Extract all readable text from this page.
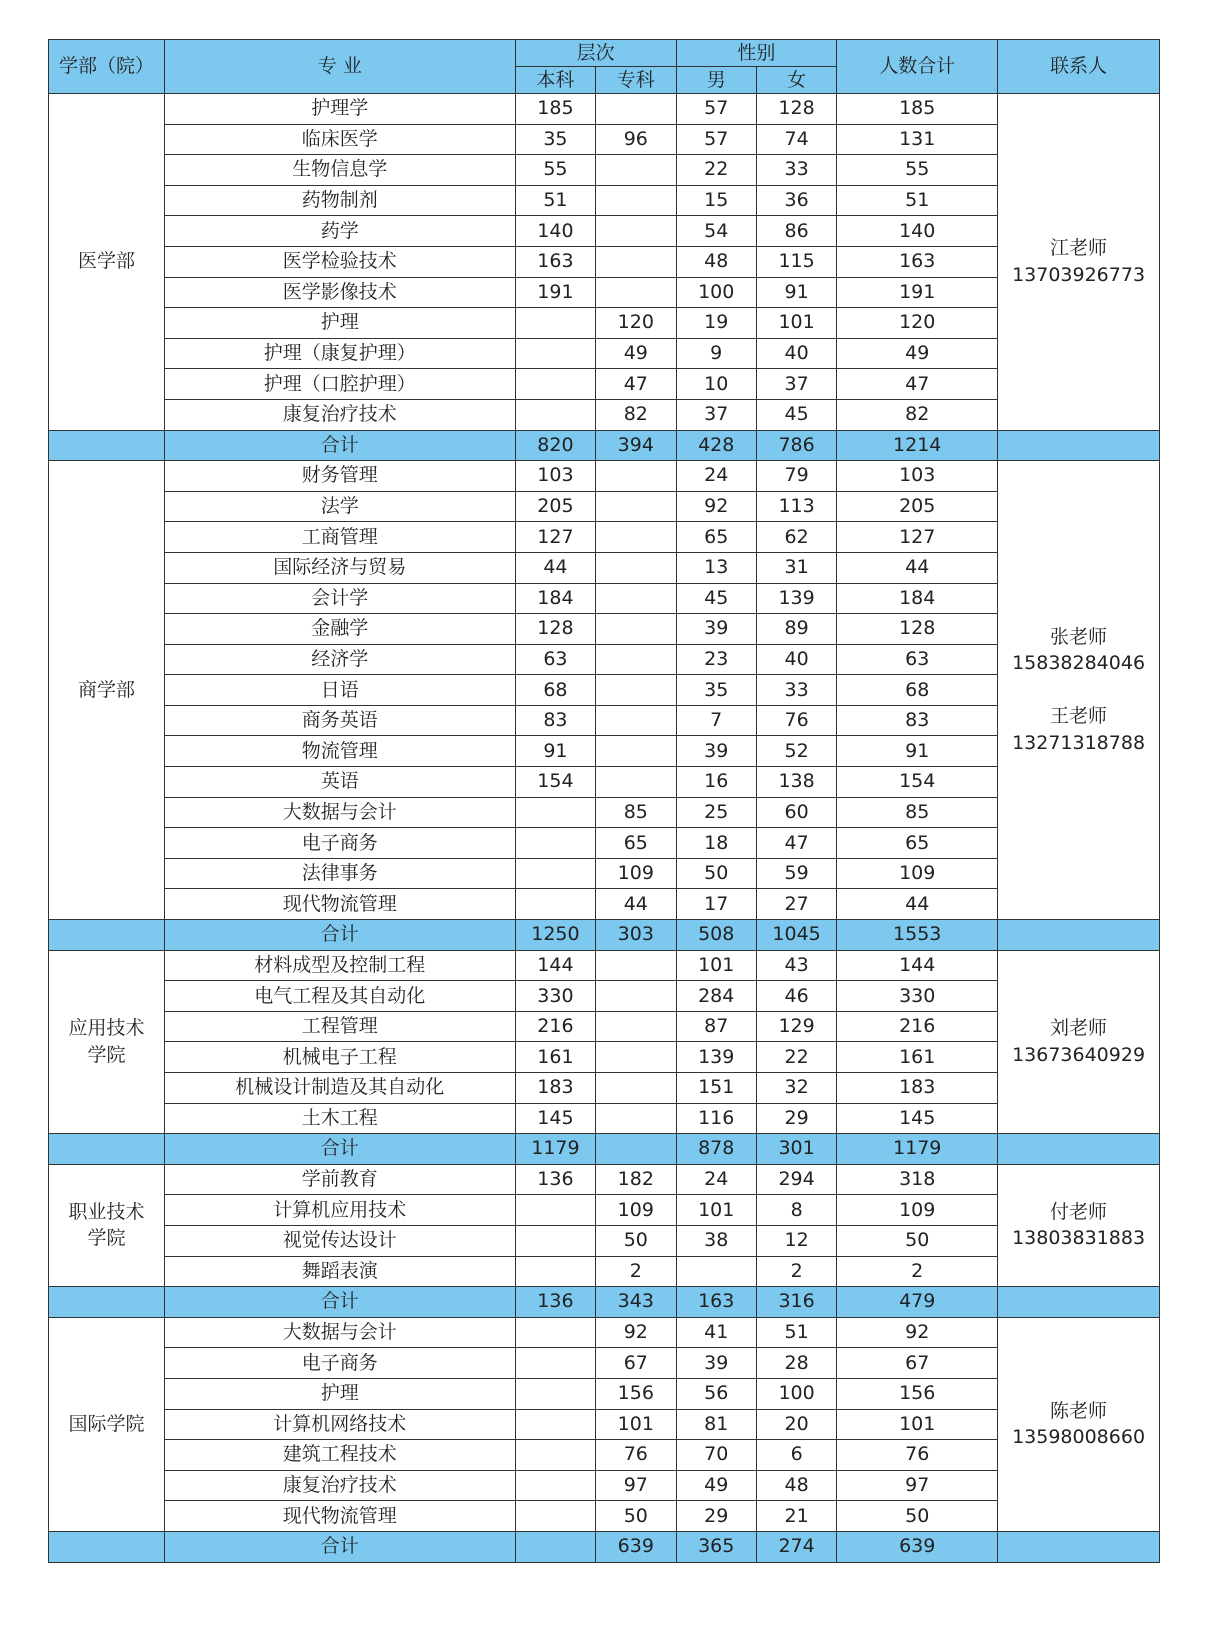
学部（院）	专 业	层次		性别		人数合计	联系人
		本科	专科	男	女		
医学部	护理学	185		57	128	185	江老师
13703926773

	临床医学	35	96	57	74	131	
	生物信息学	55		22	33	55	
	药物制剂	51		15	36	51	
	药学	140		54	86	140	
	医学检验技术	163		48	115	163	
	医学影像技术	191		100	91	191	
	护理		120	19	101	120	
	护理（康复护理）		49	9	40	49	
	护理（口腔护理）		47	10	37	47	
	康复治疗技术		82	37	45	82	
	合计	820	394	428	786	1214	
商学部	财务管理	103		24	79	103	张老师
15838284046
王老师
13271318788

	法学	205		92	113	205	
	工商管理	127		65	62	127	
	国际经济与贸易	44		13	31	44	
	会计学	184		45	139	184	
	金融学	128		39	89	128	
	经济学	63		23	40	63	
	日语	68		35	33	68	
	商务英语	83		7	76	83	
	物流管理	91		39	52	91	
	英语	154		16	138	154	
	大数据与会计		85	25	60	85	
	电子商务		65	18	47	65	
	法律事务		109	50	59	109	
	现代物流管理		44	17	27	44	
	合计	1250	303	508	1045	1553	

应用技术
学院	材料成型及控制工程	144		101	43	144	刘老师
13673640929

	电气工程及其自动化	330		284	46	330	
	工程管理	216		87	129	216	
	机械电子工程	161		139	22	161	
	机械设计制造及其自动化	183		151	32	183	
	土木工程	145		116	29	145	
	合计	1179		878	301	1179	

职业技术
学院	学前教育	136	182	24	294	318	付老师
13803831883

	计算机应用技术		109	101	8	109	
	视觉传达设计		50	38	12	50	
	舞蹈表演		2		2	2	
	合计	136	343	163	316	479	
国际学院	大数据与会计		92	41	51	92	陈老师
13598008660

	电子商务		67	39	28	67	
	护理		156	56	100	156	
	计算机网络技术		101	81	20	101	
	建筑工程技术		76	70	6	76	
	康复治疗技术		97	49	48	97	
	现代物流管理		50	29	21	50	
	合计		639	365	274	639	
